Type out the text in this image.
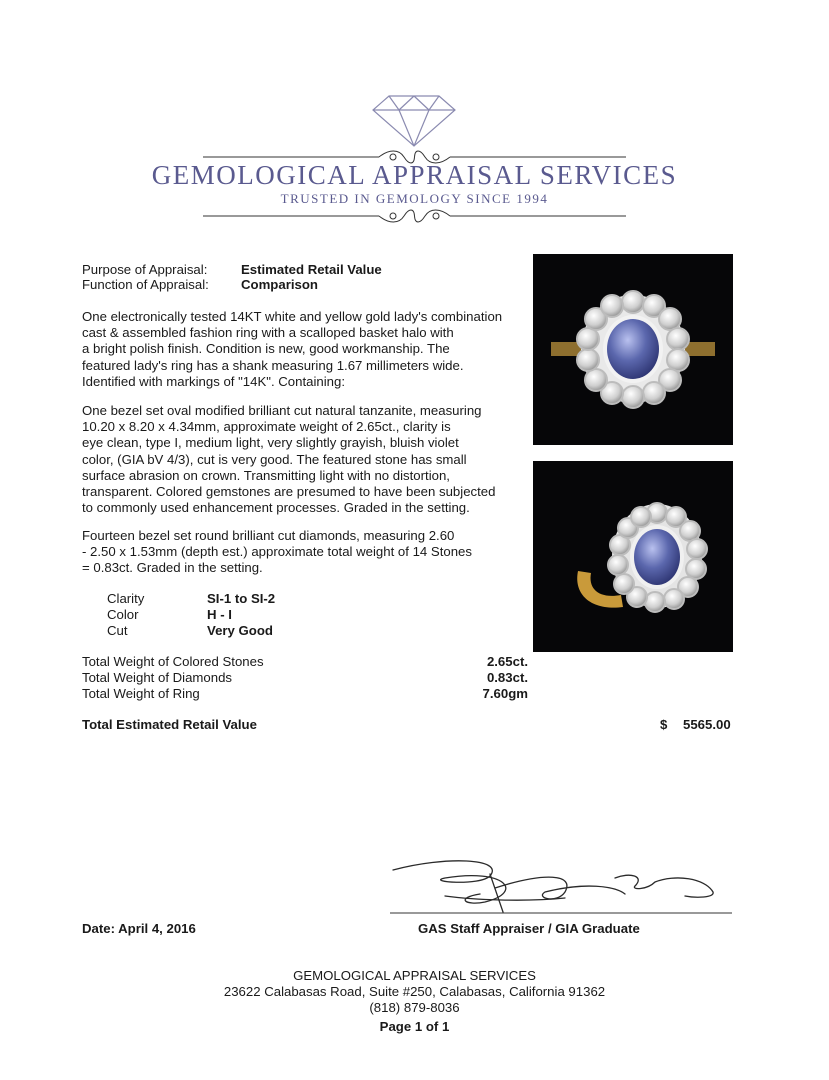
GEMOLOGICAL APPRAISAL SERVICES
TRUSTED IN GEMOLOGY SINCE 1994
Purpose of Appraisal:	Estimated Retail Value
Function of Appraisal: Comparison
One electronically tested 14KT white and yellow gold lady's combination
cast & assembled fashion ring with a scalloped basket halo with
a bright polish finish. Condition is new, good workmanship. The
featured lady's ring has a shank measuring 1.67 millimeters wide.
Identified with markings of "14K". Containing:
One bezel set oval modified brilliant cut natural tanzanite, measuring
10.20 x 8.20 x 4.34mm, approximate weight of 2.65ct., clarity is
eye clean, type I, medium light, very slightly grayish, bluish violet
color, (GIA bV 4/3), cut is very good. The featured stone has small
surface abrasion on crown. Transmitting light with no distortion,
transparent. Colored gemstones are presumed to have been subjected
to commonly used enhancement processes. Graded in the setting.
Fourteen bezel set round brilliant cut diamonds, measuring 2.60
- 2.50 x 1.53mm (depth est.) approximate total weight of 14 Stones
= 0.83ct. Graded in the setting.
Clarity	SI-1 to SI-2
Color	H - I
Cut	Very Good
Total Weight of Colored Stones	2.65ct.
Total Weight of Diamonds	0.83ct.
Total Weight of Ring	7.60gm
Total Estimated Retail Value	$ 5565.00
Date: April 4, 2016	GAS Staff Appraiser / GIA Graduate
GEMOLOGICAL APPRAISAL SERVICES
23622 Calabasas Road, Suite #250, Calabasas, California 91362
(818) 879-8036
Page 1 of 1
